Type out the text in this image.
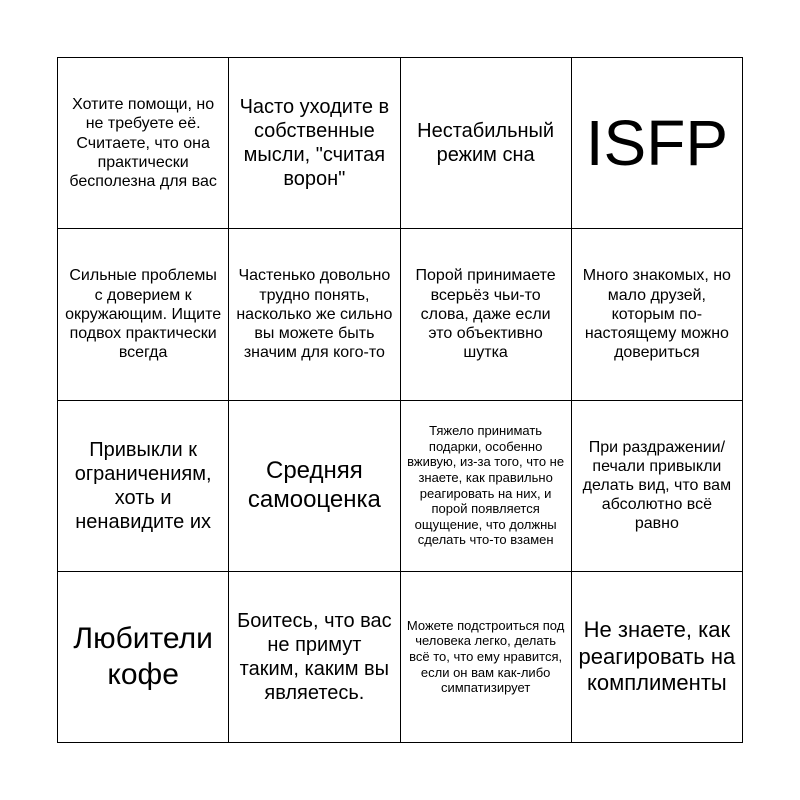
Хотите помощи, но не требуете её. Считаете, что она практически бесполезна для вас
Часто уходите в собственные мысли, "считая ворон"
Нестабильный режим сна ISFP
Сильные проблемы с доверием к окружающим. Ищите подвох практически всегда
Частенько довольно трудно понять, насколько же сильно вы можете быть значим для кого-то
Порой принимаете всерьёз чьи-то слова, даже если это объективно шутка
Много знакомых, но мало друзей, которым по-настоящему можно довериться
Привыкли к ограничениям, хоть и ненавидите их
Средняя самооценка
Тяжело принимать подарки, особенно вживую, из-за того, что не знаете, как правильно реагировать на них, и порой появляется ощущение, что должны сделать что-то взамен
При раздражении/ печали привыкли делать вид, что вам абсолютно всё равно
Любители кофе
Боитесь, что вас не примут таким, каким вы являетесь.
Можете подстроиться под человека легко, делать всё то, что ему нравится, если он вам как-либо симпатизирует
Не знаете, как реагировать на комплименты
